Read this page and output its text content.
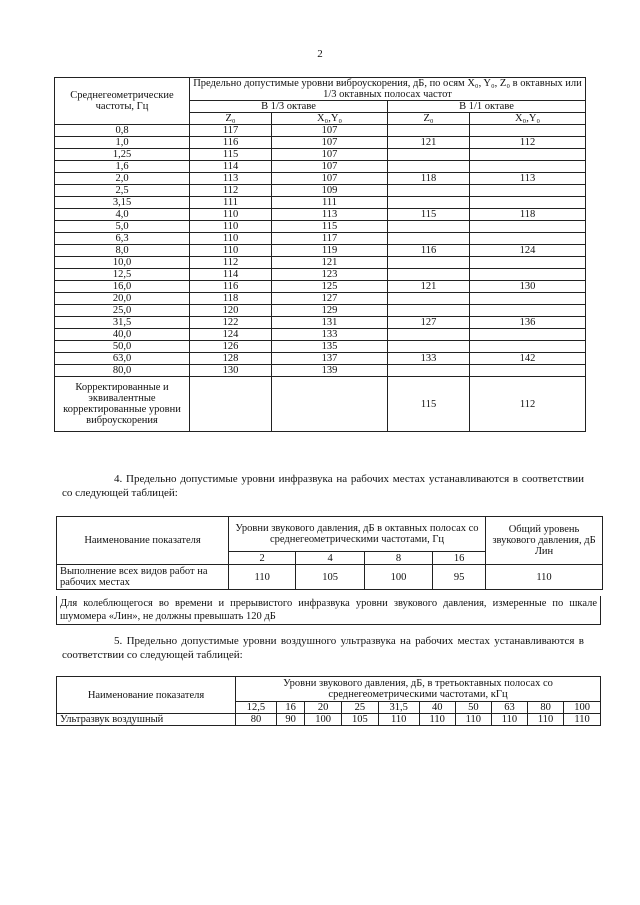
2
Среднегеометрические частоты, Гц	Предельно допустимые уровни виброускорения, дБ, по осям X₀, Y₀, Z₀ в октавных или 1/3 октавных полосах частот			
	В 1/3 октаве		В 1/1 октаве	
	Z₀	X₀,Y₀	Z₀	X₀,Y₀
0,8	117	107		
1,0	116	107	121	112
1,25	115	107		
1,6	114	107		
2,0	113	107	118	113
2,5	112	109		
3,15	111	111		
4,0	110	113	115	118
5,0	110	115		
6,3	110	117		
8,0	110	119	116	124
10,0	112	121		
12,5	114	123		
16,0	116	125	121	130
20,0	118	127		
25,0	120	129		
31,5	122	131	127	136
40,0	124	133		
50,0	126	135		
63,0	128	137	133	142
80,0	130	139		
Корректированные и эквивалентные корректированные уровни виброускорения			115	112
4. Предельно допустимые уровни инфразвука на рабочих местах устанавливаются в соответствии со следующей таблицей:
Наименование показателя	Уровни звукового давления, дБ в октавных полосах со среднегеометрическими частотами, Гц				Общий уровень звукового давления, дБ Лин
	2	4	8	16	
Выполнение всех видов работ на рабочих местах	110	105	100	95	110
Для колеблющегося во времени и прерывистого инфразвука уровни звукового давления, измеренные по шкале шумомера «Лин», не должны превышать 120 дБ
5. Предельно допустимые уровни воздушного ультразвука на рабочих местах устанавливаются в соответствии со следующей таблицей:
Наименование показателя	Уровни звукового давления, дБ, в третьоктавных полосах со среднегеометрическими частотами, кГц									
	12,5	16	20	25	31,5	40	50	63	80	100
Ультразвук воздушный	80	90	100	105	110	110	110	110	110	110
